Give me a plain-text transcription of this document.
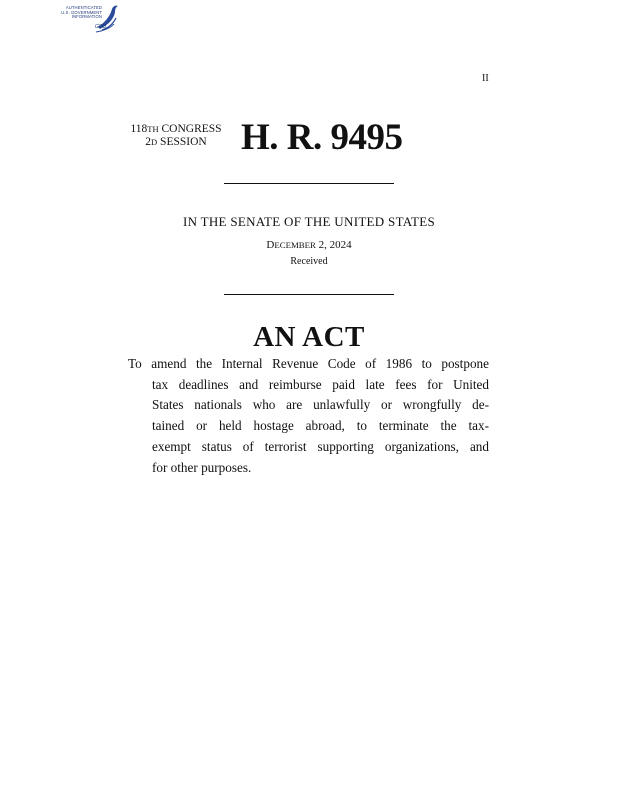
AUTHENTICATED
U.S. GOVERNMENT
INFORMATION
GPO
II
118TH CONGRESS
2D SESSION H. R. 9495
IN THE SENATE OF THE UNITED STATES
DECEMBER 2, 2024
Received
AN ACT
To amend the Internal Revenue Code of 1986 to postpone
tax deadlines and reimburse paid late fees for United
States nationals who are unlawfully or wrongfully de-
tained or held hostage abroad, to terminate the tax-
exempt status of terrorist supporting organizations, and
for other purposes.
